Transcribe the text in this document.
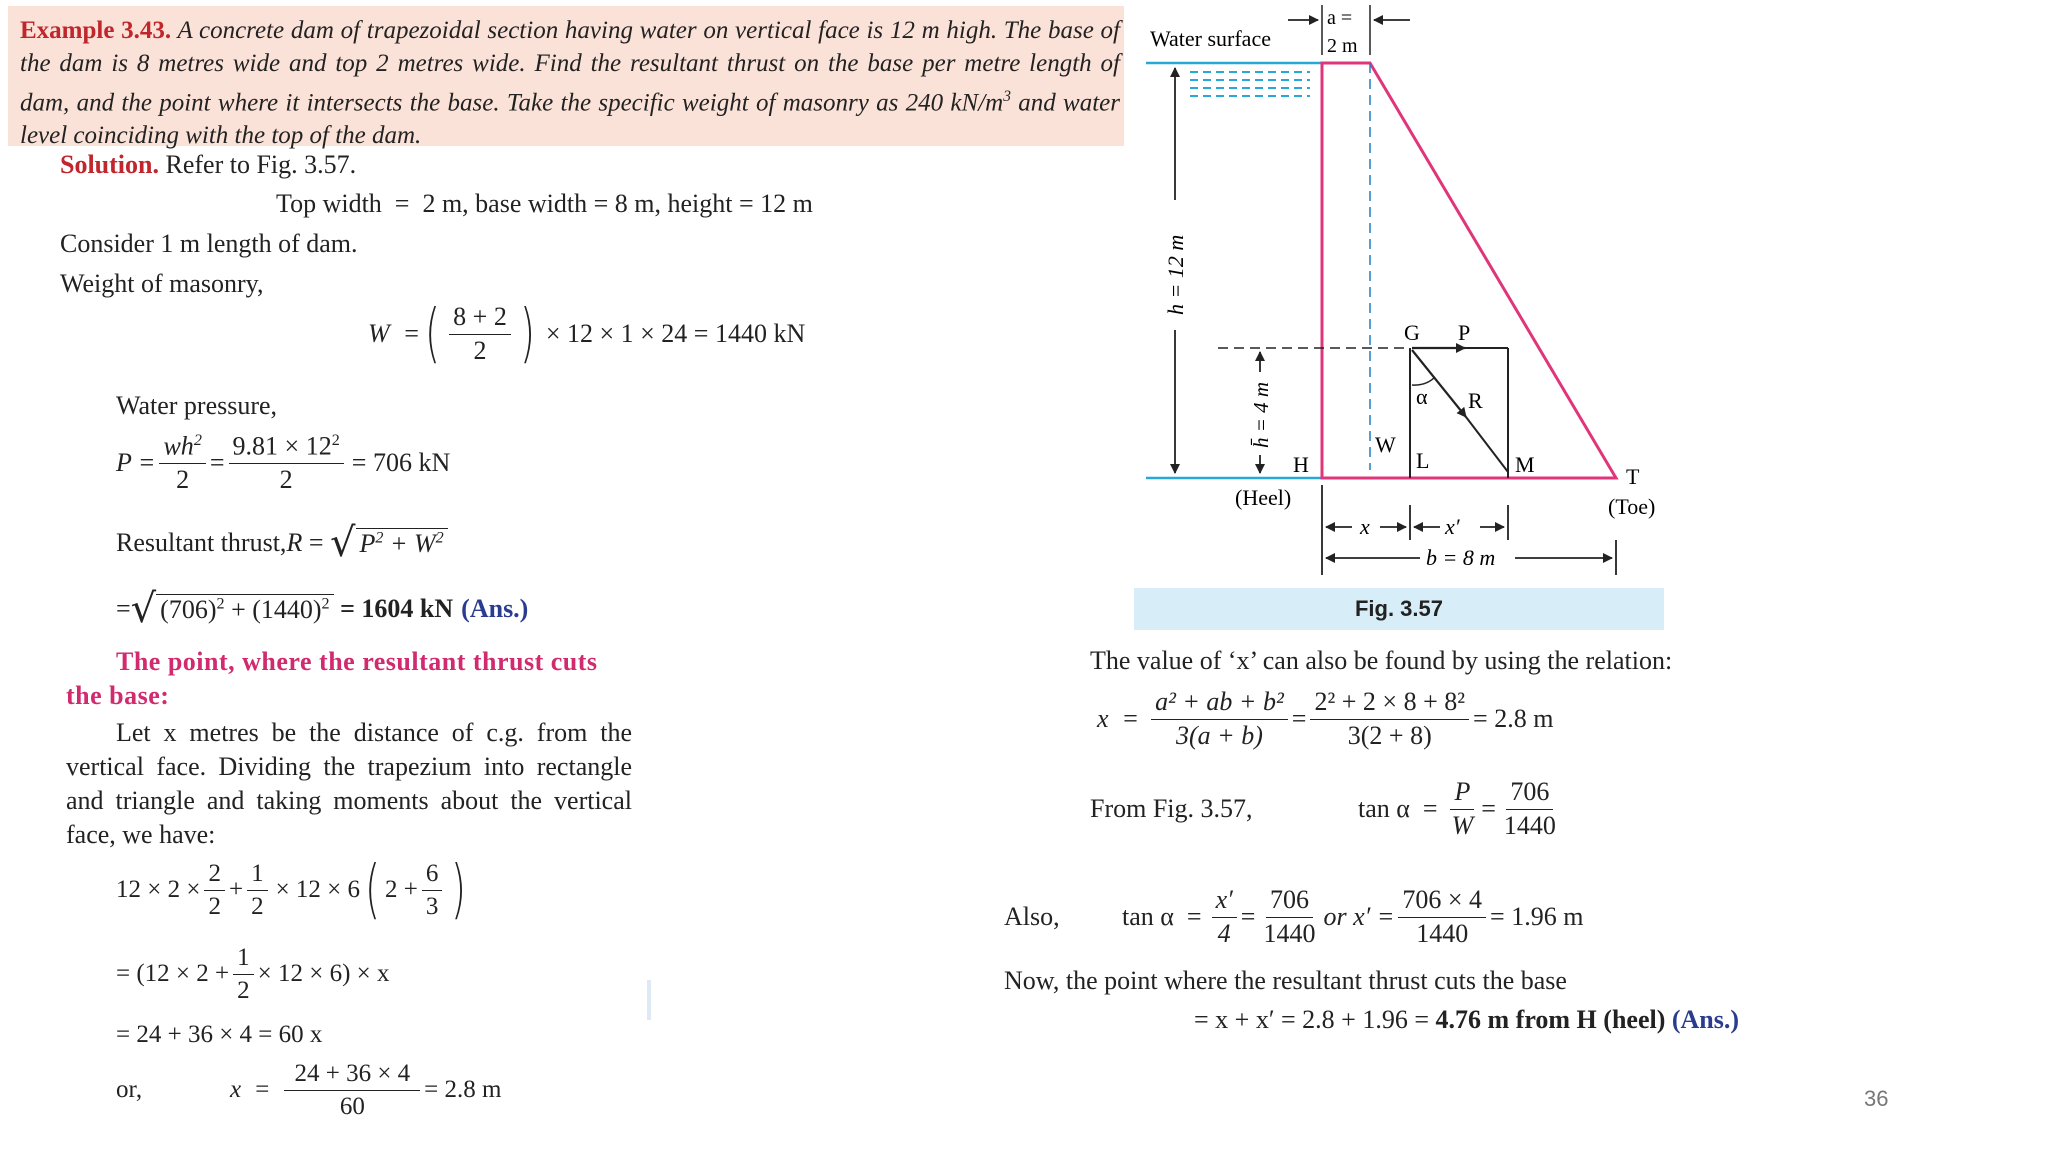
Example 3.43. A concrete dam of trapezoidal section having water on vertical face is 12 m high. The base of the dam is 8 metres wide and top 2 metres wide. Find the resultant thrust on the base per metre length of dam, and the point where it intersects the base. Take the specific weight of masonry as 240 $kN/m^3$ and water level coinciding with the top of the dam.
Solution. Refer to Fig. 3.57.
Top width  =  2 m, base width = 8 m, height = 12 m
Consider 1 m length of dam.
Weight of masonry,
W  = ( $\frac{8 + 2}{2}$ ) × 12 × 1 × 24 = 1440 kN
Water pressure,
$P = \frac{wh^2}{2} = \frac{9.81 \times 12^2}{2} = 706$ kN
Resultant thrust, R = √ $P^2 + W^2$
= √ $(706)^2 + (1440)^2 = 1604$ kN (Ans.)
The point, where the resultant thrust cuts the base:
Let x metres be the distance of c.g. from the vertical face. Dividing the trapezium into rectangle and triangle and taking moments about the vertical face, we have:
$12 \times 2 \times \frac{2}{2} + \frac{1}{2} \times 12 \times 6$ ( $2 + \frac{6}{3}$ )
= $(12 \times 2 + \frac{1}{2} \times 12 \times 6) \times x$
= 24 + 36 × 4 = 60 x
or,	$x = \frac{24 + 36 \times 4}{60} = 2.8$ m
h = 12 m
h̄ = 4 m
Water surface
a =
2 m
G P
α R
W
L	M
H	T
(Heel)	(Toe)
x	x′
b = 8 m
Fig. 3.57
The value of ‘x’ can also be found by using the relation:
$x = \frac{\text{a² + ab + b²}}{3(a + b)} = \frac{\text{2² + 2 × 8 + 8²}}{3(2 + 8)} = 2.8$ m
From Fig. 3.57,	$\tan \alpha = \frac{P}{W} = \frac{706}{1440}$
Also,	$\tan \alpha = \frac{x'}{4} = \frac{706}{1440}$ or $x' = \frac{706 \times 4}{1440} = 1.96$ m
Now, the point where the resultant thrust cuts the base
= x + x′ = 2.8 + 1.96 = 4.76 m from H (heel) (Ans.)
36
